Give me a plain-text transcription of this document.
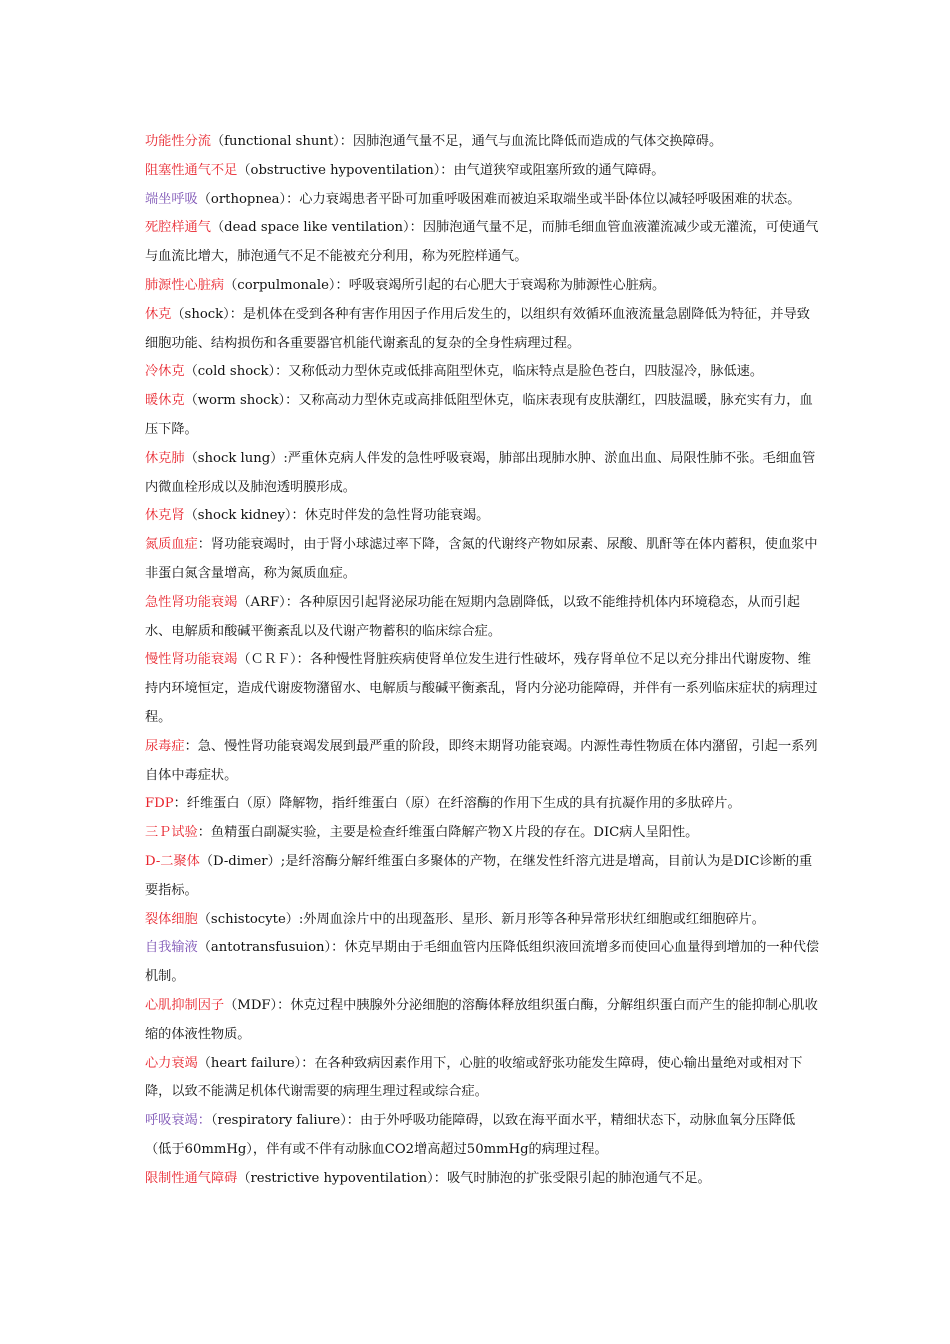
功能性分流（functional shunt）：因肺泡通气量不足，通气与血流比降低而造成的气体交换障碍。
阻塞性通气不足（obstructive hypoventilation）：由气道狭窄或阻塞所致的通气障碍。
端坐呼吸（orthopnea）：心力衰竭患者平卧可加重呼吸困难而被迫采取端坐或半卧体位以减轻呼吸困难的状态。
死腔样通气（dead space like ventilation）：因肺泡通气量不足，而肺毛细血管血液灌流减少或无灌流，可使通气与血流比增大，肺泡通气不足不能被充分利用，称为死腔样通气。
肺源性心脏病（corpulmonale）：呼吸衰竭所引起的右心肥大于衰竭称为肺源性心脏病。
休克（shock）：是机体在受到各种有害作用因子作用后发生的，以组织有效循环血液流量急剧降低为特征，并导致细胞功能、结构损伤和各重要器官机能代谢紊乱的复杂的全身性病理过程。
冷休克（cold shock）：又称低动力型休克或低排高阻型休克，临床特点是脸色苍白，四肢湿冷，脉低速。
暖休克（worm shock）：又称高动力型休克或高排低阻型休克，临床表现有皮肤潮红，四肢温暖，脉充实有力，血压下降。
休克肺（shock lung）:严重休克病人伴发的急性呼吸衰竭，肺部出现肺水肿、淤血出血、局限性肺不张。毛细血管内微血栓形成以及肺泡透明膜形成。
休克肾（shock kidney）：休克时伴发的急性肾功能衰竭。
氮质血症：肾功能衰竭时，由于肾小球滤过率下降，含氮的代谢终产物如尿素、尿酸、肌酐等在体内蓄积，使血浆中非蛋白氮含量增高，称为氮质血症。
急性肾功能衰竭（ARF）：各种原因引起肾泌尿功能在短期内急剧降低，以致不能维持机体内环境稳态，从而引起水、电解质和酸碱平衡紊乱以及代谢产物蓄积的临床综合症。
慢性肾功能衰竭（ＣＲＦ）：各种慢性肾脏疾病使肾单位发生进行性破坏，残存肾单位不足以充分排出代谢废物、维持内环境恒定，造成代谢废物潴留水、电解质与酸碱平衡紊乱，肾内分泌功能障碍，并伴有一系列临床症状的病理过程。
尿毒症：急、慢性肾功能衰竭发展到最严重的阶段，即终末期肾功能衰竭。内源性毒性物质在体内潴留，引起一系列自体中毒症状。
FDP：纤维蛋白（原）降解物，指纤维蛋白（原）在纤溶酶的作用下生成的具有抗凝作用的多肽碎片。
三Ｐ试验：鱼精蛋白副凝实验，主要是检查纤维蛋白降解产物Ｘ片段的存在。DIC病人呈阳性。
D-二聚体（D-dimer）;是纤溶酶分解纤维蛋白多聚体的产物，在继发性纤溶亢进是增高，目前认为是DIC诊断的重要指标。
裂体细胞（schistocyte）:外周血涂片中的出现盔形、星形、新月形等各种异常形状红细胞或红细胞碎片。
自我输液（antotransfusuion）：休克早期由于毛细血管内压降低组织液回流增多而使回心血量得到增加的一种代偿机制。
心肌抑制因子（MDF）：休克过程中胰腺外分泌细胞的溶酶体释放组织蛋白酶，分解组织蛋白而产生的能抑制心肌收缩的体液性物质。
心力衰竭（heart failure）：在各种致病因素作用下，心脏的收缩或舒张功能发生障碍，使心输出量绝对或相对下　　　　降，以致不能满足机体代谢需要的病理生理过程或综合症。
呼吸衰竭：（respiratory faliure）：由于外呼吸功能障碍，以致在海平面水平，精细状态下，动脉血氧分压降低（低于60mmHg），伴有或不伴有动脉血CO2增高超过50mmHg的病理过程。
限制性通气障碍（restrictive hypoventilation）：吸气时肺泡的扩张受限引起的肺泡通气不足。
